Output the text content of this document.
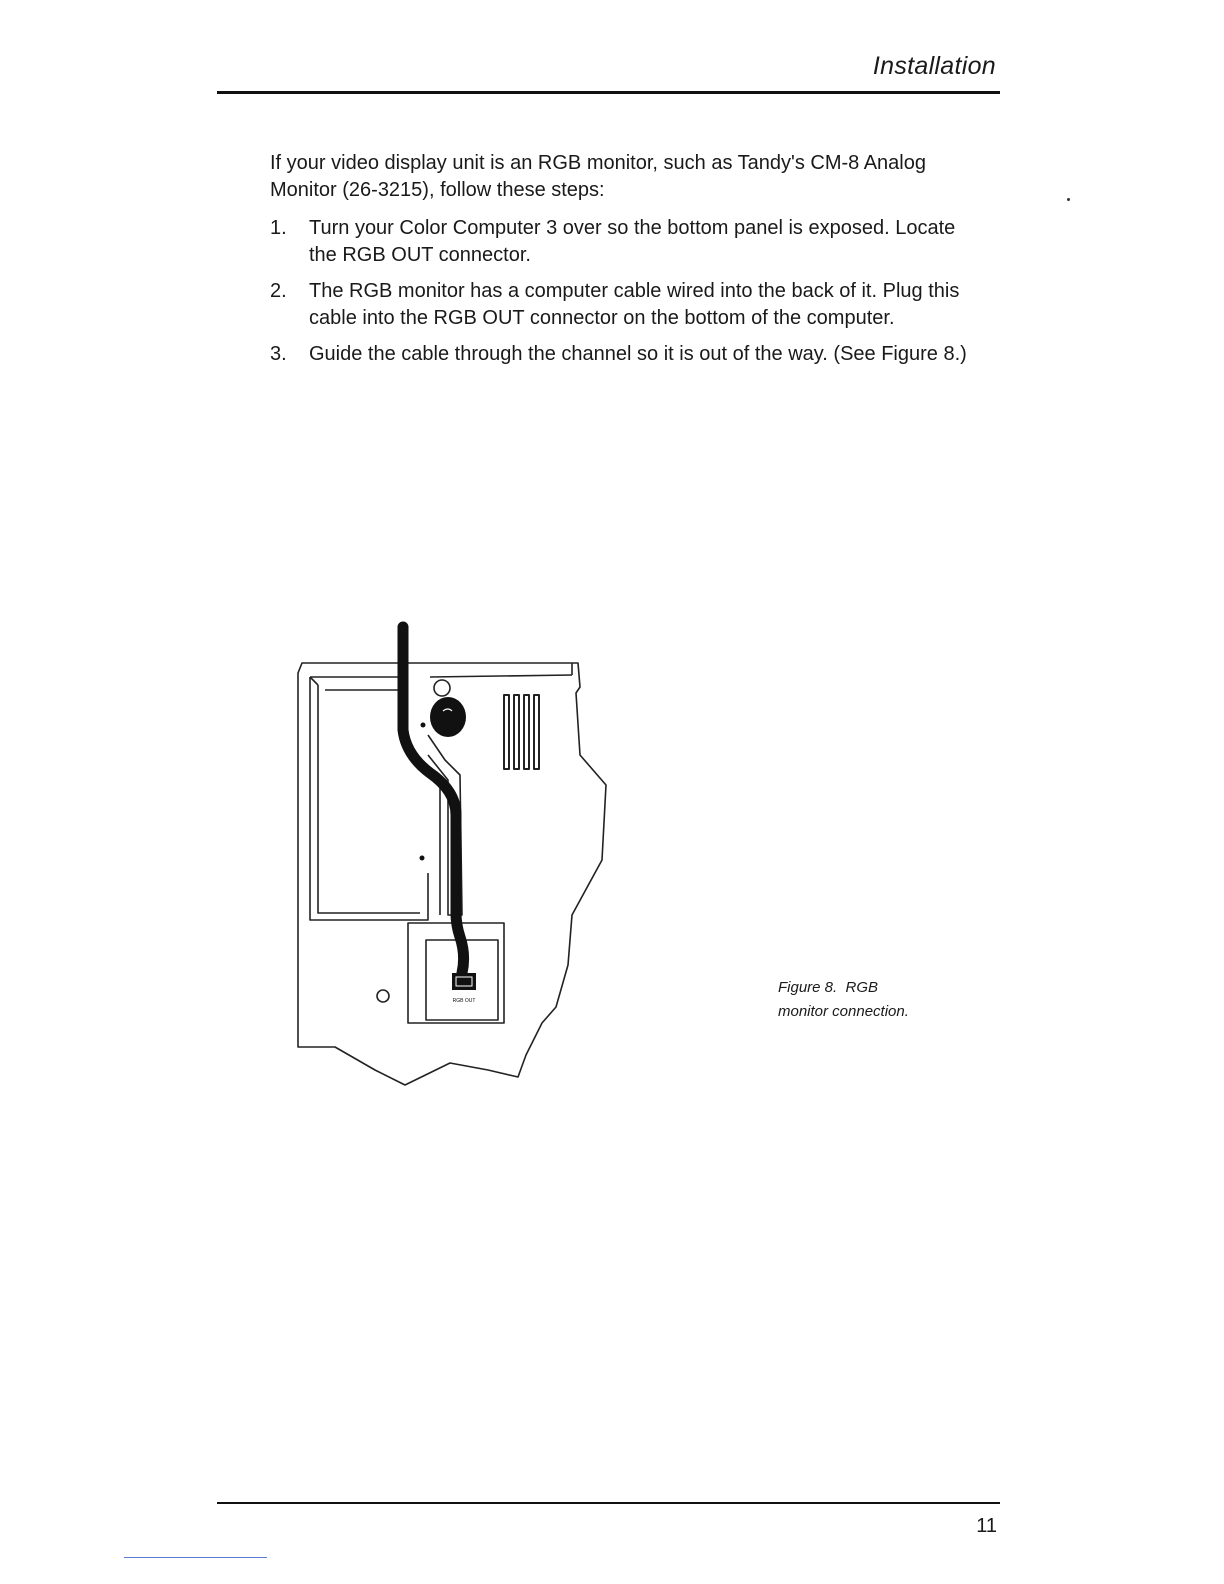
Installation

If your video display unit is an RGB monitor, such as Tandy's CM-8 Analog Monitor (26-3215), follow these steps:

1.	Turn your Color Computer 3 over so the bottom panel is exposed. Locate the RGB OUT connector.
2.	The RGB monitor has a computer cable wired into the back of it. Plug this cable into the RGB OUT connector on the bottom of the computer.
3.	Guide the cable through the channel so it is out of the way. (See Figure 8.)
RGB OUT
Figure 8.  RGB
monitor connection.
11
